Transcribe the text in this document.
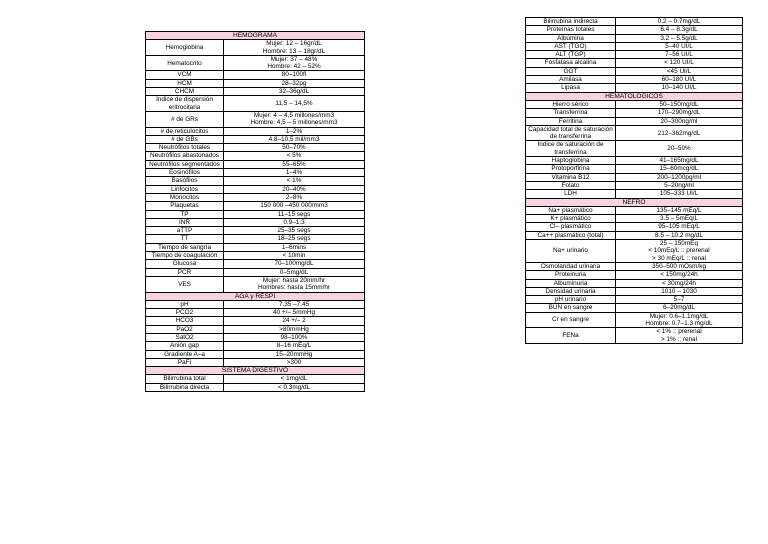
HEMOGRAMA	
Hemoglobina	Mujer: 12 – 16gr/dL
Hombre: 13 – 18gr/dL

Hematocrito	Mujer: 37 – 48%
Hombre: 42 – 52%

VCM	80–100fl

HCM	28–32pg

CHCM	32–36g/dL

Índice de dispersión eritrocitaria	11,5 – 14,5%

# de GRs	Mujer: 4 – 4,5 millones/mm3
Hombre: 4,5 – 5 millones/mm3

# de reticulocitos	1–2%

# de GBs	4.8–10,5 mil/mm3

Neutrófilos totales	50–70%

Neutrófilos abastonados	< 5%

Neutrófilos segmentados	55–65%

Eosinófilos	1–4%

Basófilos	< 1%

Linfocitos	20–40%

Monocitos	2–8%

Plaquetas	150 000 –450 000/mm3

TP	11–15 segs

INR	0.9–1.3

aTTP	25–35 segs

TT	18–25 segs

Tiempo de sangría	1–6mins

Tiempo de coagulación	< 10min

Glucosa	70–100mg/dL

PCR	0–5mg/dL

VES	Mujer: hasta 20mm/hr
Hombres: hasta 15mm/hr

AGA y RESPI	
pH	7.35 –7.45

PCO2	40 +/– 5mmHg

HCO3	24 +/– 2

PaO2	>80mmHg

SatO2	98–100%

Anión gap	8–16 mEq/L

Gradiente A–a	15–20mmHg

PaFi	>300

SISTEMA DIGESTIVO	
Bilirrubina total	< 1mg/dL

Bilirrubina directa	< 0.3mg/dL
Bilirrubina indirecta	0.2 – 0.7mg/dL

Proteínas totales	6.4 – 8.3g/dL

Albúmina	3.2 – 5.5g/dL

AST (TGO)	5–40 UI/L

ALT (TGP)	7–56 UI/L

Fosfatasa alcalina	< 120 UI/L

GGT	<45 UI/L

Amilasa	60–180 UI/L

Lipasa	10–140 UI/L

HEMATOLÓGICOS	
Hierro sérico	50–150mg/dL

Transferrina	170–290mg/dL

Ferritina	20–300ng/ml

Capacidad total de saturación de transferrina	212–362mg/dL

Índice de saturación de transferrina	20–50%

Haptoglobina	41–165mg/dL

Protoporfirina	15–60mcg/dL

Vitamina B12	200–1200pg/ml

Folato	5–20ng/ml

LDH	105–333 UI/L

NEFRO	
Na+ plasmático	135–145 mEq/L

K+ plasmático	3.5 – 5mEq/L

Cl– plasmático	95–105 mEq/L

Ca++ plasmático (total)	8.5 – 10.2 mg/dL

Na+ urinario	25 – 150mEq
< 10mEq/L :: prerenal
> 30 mEq/L :: renal

Osmolaridad urinaria	350–500 mOsm/kg

Proteinuria	< 150mg/24h

Albuminuria	< 30mg/24h

Densidad urinaria	1010 – 1030

pH urinario	5–7

BUN en sangre	6–20mg/dL

Cr en sangre	Mujer: 0.6–1.1mg/dL
Hombre: 0.7–1.3 mg/dL

FENa	< 1% :: prerenal
> 1% :: renal
